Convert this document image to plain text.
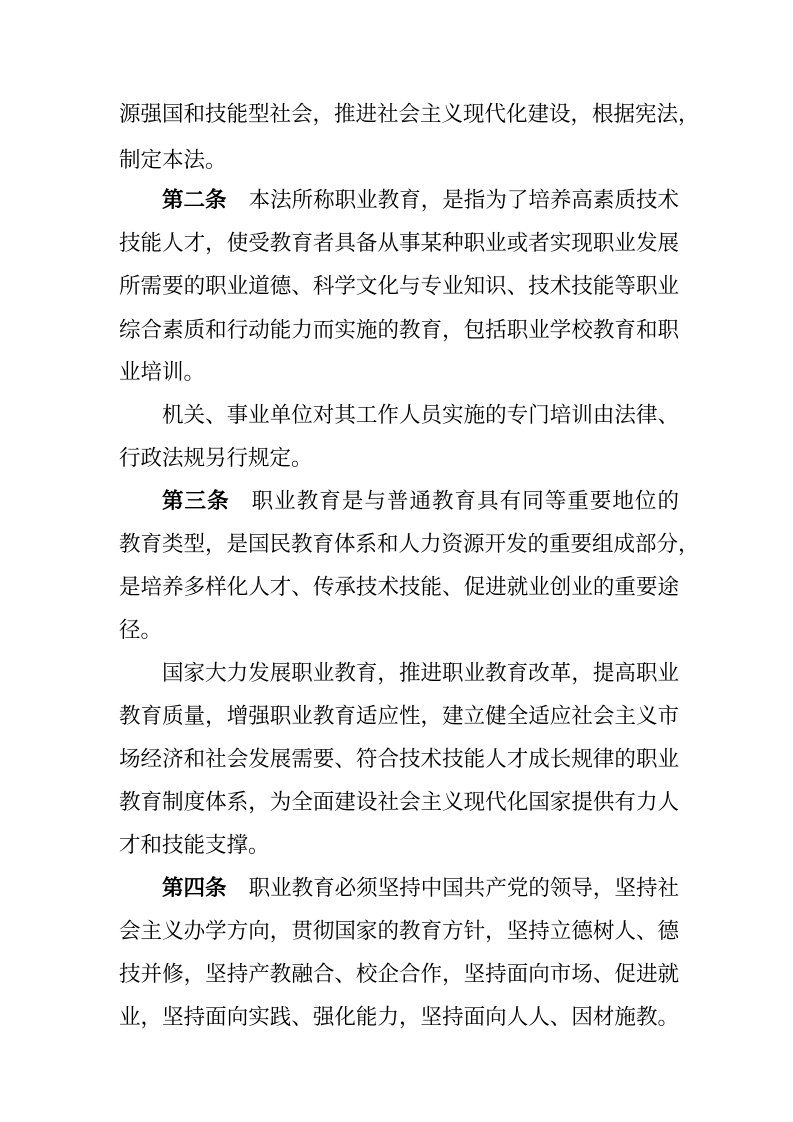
源强国和技能型社会，推进社会主义现代化建设，根据宪法，
制定本法。
第二条 本法所称职业教育，是指为了培养高素质技术
技能人才，使受教育者具备从事某种职业或者实现职业发展
所需要的职业道德、科学文化与专业知识、技术技能等职业
综合素质和行动能力而实施的教育，包括职业学校教育和职
业培训。
机关、事业单位对其工作人员实施的专门培训由法律、
行政法规另行规定。
第三条 职业教育是与普通教育具有同等重要地位的
教育类型，是国民教育体系和人力资源开发的重要组成部分，
是培养多样化人才、传承技术技能、促进就业创业的重要途
径。
国家大力发展职业教育，推进职业教育改革，提高职业
教育质量，增强职业教育适应性，建立健全适应社会主义市
场经济和社会发展需要、符合技术技能人才成长规律的职业
教育制度体系，为全面建设社会主义现代化国家提供有力人
才和技能支撑。
第四条 职业教育必须坚持中国共产党的领导，坚持社
会主义办学方向，贯彻国家的教育方针，坚持立德树人、德
技并修，坚持产教融合、校企合作，坚持面向市场、促进就
业，坚持面向实践、强化能力，坚持面向人人、因材施教。
